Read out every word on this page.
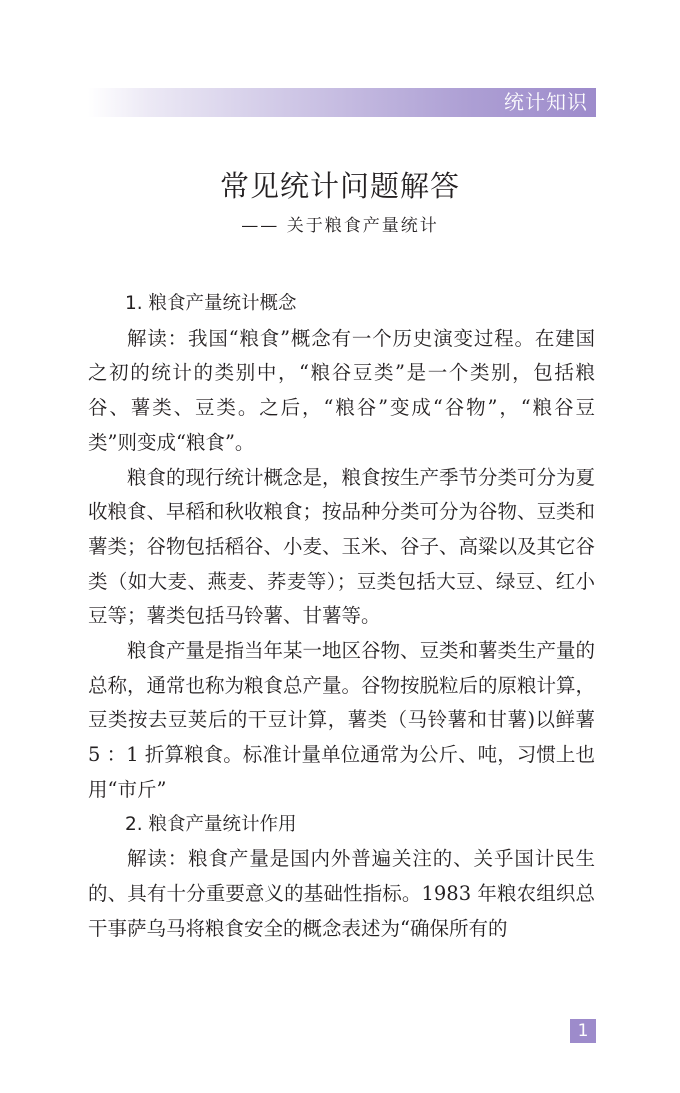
统计知识
常见统计问题解答
—— 关于粮食产量统计

1. 粮食产量统计概念

解读：我国“粮食”概念有一个历史演变过程。在建国之初的统计的类别中，“粮谷豆类”是一个类别，包括粮谷、薯类、豆类。之后，“粮谷”变成“谷物”，“粮谷豆类”则变成“粮食”。

粮食的现行统计概念是，粮食按生产季节分类可分为夏收粮食、早稻和秋收粮食；按品种分类可分为谷物、豆类和薯类；谷物包括稻谷、小麦、玉米、谷子、高粱以及其它谷类（如大麦、燕麦、荞麦等）；豆类包括大豆、绿豆、红小豆等；薯类包括马铃薯、甘薯等。

粮食产量是指当年某一地区谷物、豆类和薯类生产量的总称，通常也称为粮食总产量。谷物按脱粒后的原粮计算，豆类按去豆荚后的干豆计算，薯类（马铃薯和甘薯)以鲜薯 5 ：1 折算粮食。标准计量单位通常为公斤、吨，习惯上也用“市斤”

2. 粮食产量统计作用

解读：粮食产量是国内外普遍关注的、关乎国计民生的、具有十分重要意义的基础性指标。1983 年粮农组织总干事萨乌马将粮食安全的概念表述为“确保所有的

1
